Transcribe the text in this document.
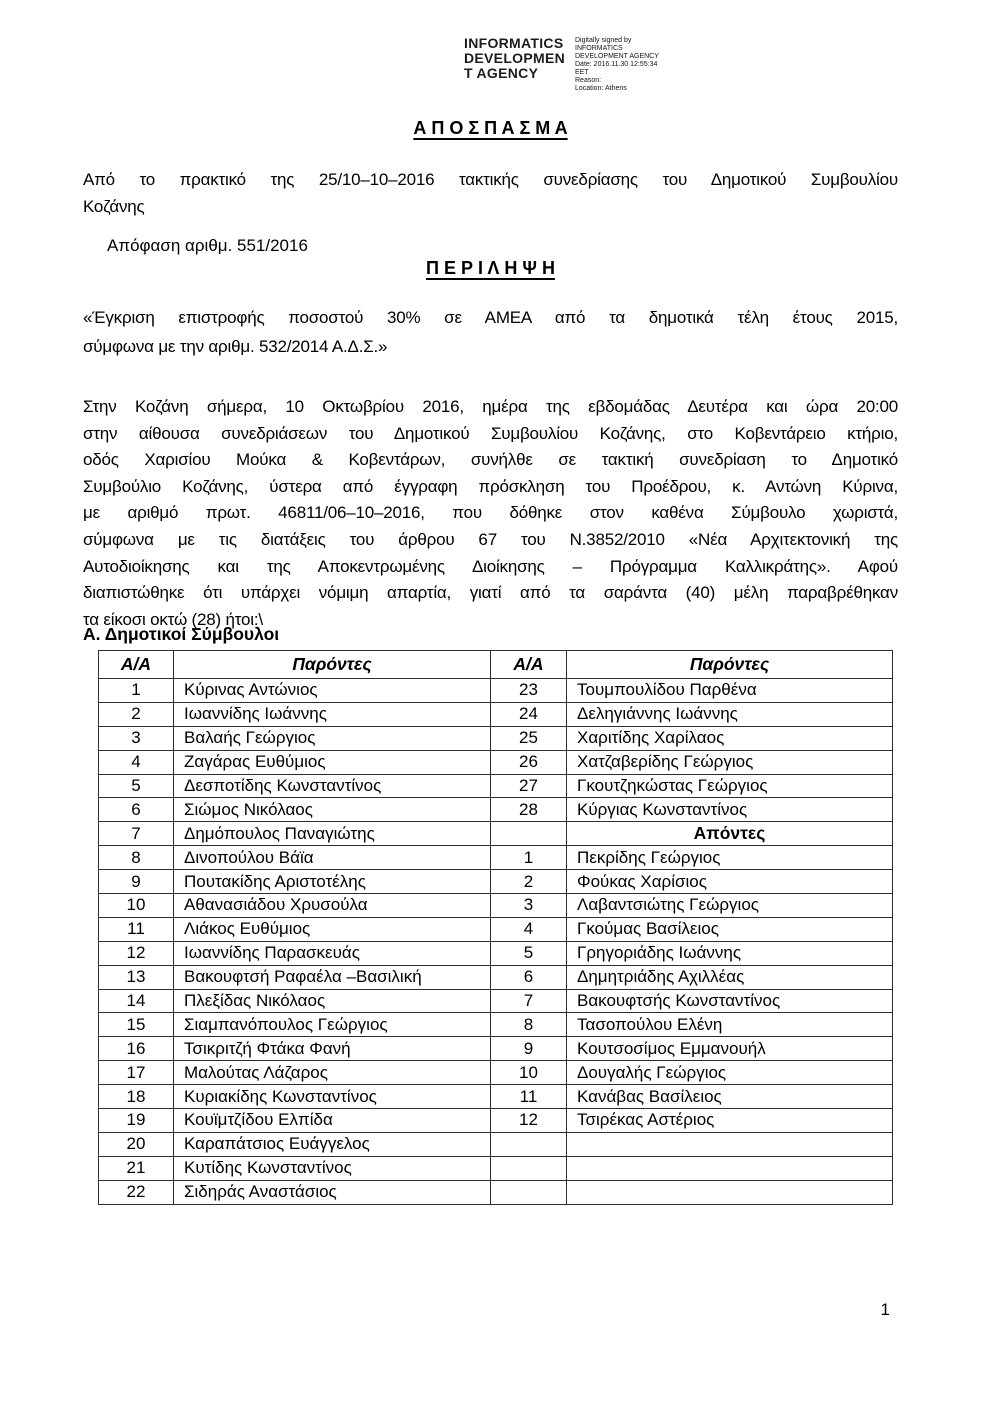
INFORMATICS
DEVELOPMEN
T AGENCY
Digitally signed by
INFORMATICS
DEVELOPMENT AGENCY
Date: 2016.11.30 12:55:34
EET
Reason:
Location: Athens
Α Π Ο Σ Π Α Σ Μ Α
Από το πρακτικό της 25/10–10–2016 τακτικής συνεδρίασης του Δημοτικού Συμβουλίου
Κοζάνης
Απόφαση αριθμ. 551/2016
Π Ε Ρ Ι Λ Η Ψ Η
«Έγκριση επιστροφής ποσοστού 30% σε ΑΜΕΑ από τα δημοτικά τέλη έτους 2015,
σύμφωνα με την αριθμ. 532/2014 Α.Δ.Σ.»
Στην Κοζάνη σήμερα, 10 Οκτωβρίου 2016, ημέρα της εβδομάδας Δευτέρα και ώρα 20:00
στην αίθουσα συνεδριάσεων του Δημοτικού Συμβουλίου Κοζάνης, στο Κοβεντάρειο κτήριο,
οδός Χαρισίου Μούκα & Κοβεντάρων, συνήλθε σε τακτική συνεδρίαση το Δημοτικό
Συμβούλιο Κοζάνης, ύστερα από έγγραφη πρόσκληση του Προέδρου, κ. Αντώνη Κύρινα,
με αριθμό πρωτ. 46811/06–10–2016, που δόθηκε στον καθένα Σύμβουλο χωριστά,
σύμφωνα με τις διατάξεις του άρθρου 67 του Ν.3852/2010 «Νέα Αρχιτεκτονική της
Αυτοδιοίκησης και της Αποκεντρωμένης Διοίκησης – Πρόγραμμα Καλλικράτης». Αφού
διαπιστώθηκε ότι υπάρχει νόμιμη απαρτία, γιατί από τα σαράντα (40) μέλη παραβρέθηκαν
τα είκοσι οκτώ (28) ήτοι:\
Α. Δημοτικοί Σύμβουλοι
Α/Α	Παρόντες	Α/Α	Παρόντες
1	Κύρινας Αντώνιος	23	Τουμπουλίδου Παρθένα
2	Ιωαννίδης Ιωάννης	24	Δεληγιάννης Ιωάννης
3	Βαλαής Γεώργιος	25	Χαριτίδης Χαρίλαος
4	Ζαγάρας Ευθύμιος	26	Χατζαβερίδης Γεώργιος
5	Δεσποτίδης Κωνσταντίνος	27	Γκουτζηκώστας Γεώργιος
6	Σιώμος Νικόλαος	28	Κύργιας Κωνσταντίνος
7	Δημόπουλος Παναγιώτης		Απόντες
8	Δινοπούλου Βάϊα	1	Πεκρίδης Γεώργιος
9	Πουτακίδης Αριστοτέλης	2	Φούκας Χαρίσιος
10	Αθανασιάδου Χρυσούλα	3	Λαβαντσιώτης Γεώργιος
11	Λιάκος Ευθύμιος	4	Γκούμας Βασίλειος
12	Ιωαννίδης Παρασκευάς	5	Γρηγοριάδης Ιωάννης
13	Βακουφτσή Ραφαέλα –Βασιλική	6	Δημητριάδης Αχιλλέας
14	Πλεξίδας Νικόλαος	7	Βακουφτσής Κωνσταντίνος
15	Σιαμπανόπουλος Γεώργιος	8	Τασοπούλου Ελένη
16	Τσικριτζή Φτάκα Φανή	9	Κουτσοσίμος Εμμανουήλ
17	Μαλούτας Λάζαρος	10	Δουγαλής Γεώργιος
18	Κυριακίδης Κωνσταντίνος	11	Κανάβας Βασίλειος
19	Κουϊμτζίδου Ελπίδα	12	Τσιρέκας Αστέριος
20	Καραπάτσιος Ευάγγελος		
21	Κυτίδης Κωνσταντίνος		
22	Σιδηράς Αναστάσιος		
1
